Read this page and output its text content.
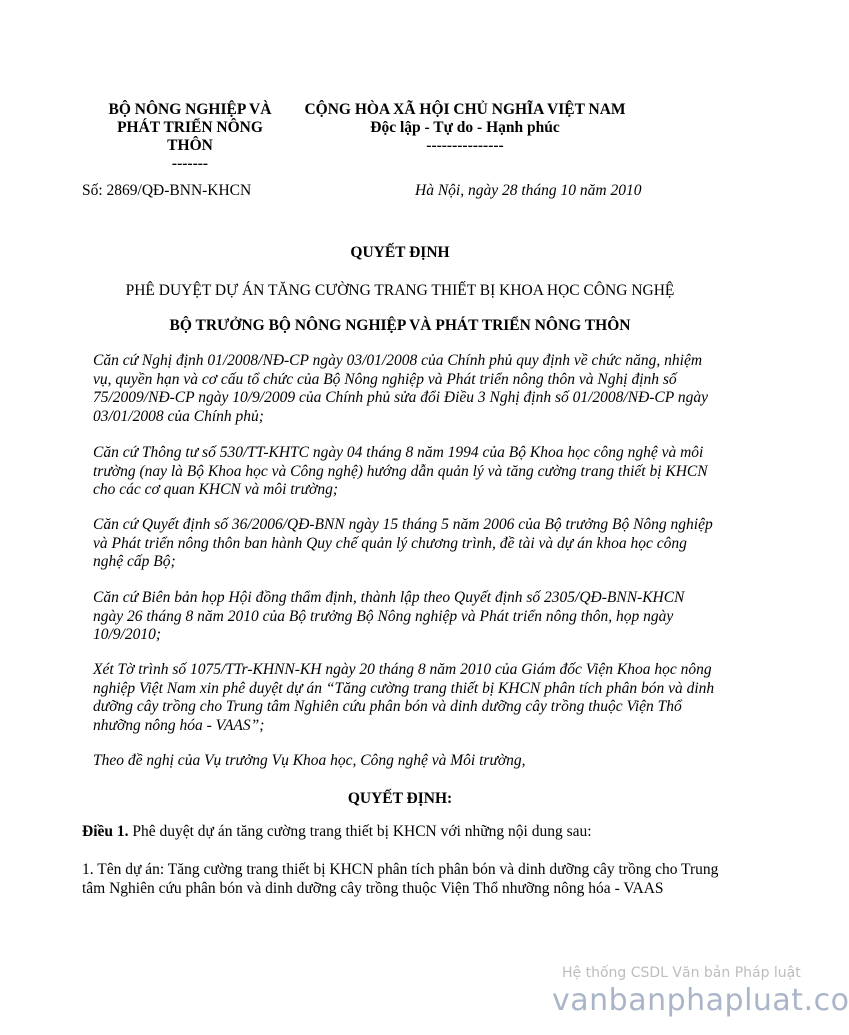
BỘ NÔNG NGHIỆP VÀ
PHÁT TRIỂN NÔNG
THÔN
-------
CỘNG HÒA XÃ HỘI CHỦ NGHĨA VIỆT NAM
Độc lập - Tự do - Hạnh phúc
---------------
Số: 2869/QĐ-BNN-KHCN	Hà Nội, ngày 28 tháng 10 năm 2010
QUYẾT ĐỊNH
PHÊ DUYỆT DỰ ÁN TĂNG CƯỜNG TRANG THIẾT BỊ KHOA HỌC CÔNG NGHỆ
BỘ TRƯỞNG BỘ NÔNG NGHIỆP VÀ PHÁT TRIỂN NÔNG THÔN
Căn cứ Nghị định 01/2008/NĐ-CP ngày 03/01/2008 của Chính phủ quy định về chức năng, nhiệm vụ, quyền hạn và cơ cấu tổ chức của Bộ Nông nghiệp và Phát triển nông thôn và Nghị định số 75/2009/NĐ-CP ngày 10/9/2009 của Chính phủ sửa đổi Điều 3 Nghị định số 01/2008/NĐ-CP ngày 03/01/2008 của Chính phủ;
Căn cứ Thông tư số 530/TT-KHTC ngày 04 tháng 8 năm 1994 của Bộ Khoa học công nghệ và môi trường (nay là Bộ Khoa học và Công nghệ) hướng dẫn quản lý và tăng cường trang thiết bị KHCN cho các cơ quan KHCN và môi trường;
Căn cứ Quyết định số 36/2006/QĐ-BNN ngày 15 tháng 5 năm 2006 của Bộ trưởng Bộ Nông nghiệp và Phát triển nông thôn ban hành Quy chế quản lý chương trình, đề tài và dự án khoa học công nghệ cấp Bộ;
Căn cứ Biên bản họp Hội đồng thẩm định, thành lập theo Quyết định số 2305/QĐ-BNN-KHCN ngày 26 tháng 8 năm 2010 của Bộ trưởng Bộ Nông nghiệp và Phát triển nông thôn, họp ngày 10/9/2010;
Xét Tờ trình số 1075/TTr-KHNN-KH ngày 20 tháng 8 năm 2010 của Giám đốc Viện Khoa học nông nghiệp Việt Nam xin phê duyệt dự án “Tăng cường trang thiết bị KHCN phân tích phân bón và dinh dưỡng cây trồng cho Trung tâm Nghiên cứu phân bón và dinh dưỡng cây trồng thuộc Viện Thổ nhưỡng nông hóa - VAAS”;
Theo đề nghị của Vụ trưởng Vụ Khoa học, Công nghệ và Môi trường,
QUYẾT ĐỊNH:
Điều 1. Phê duyệt dự án tăng cường trang thiết bị KHCN với những nội dung sau:
1. Tên dự án: Tăng cường trang thiết bị KHCN phân tích phân bón và dinh dưỡng cây trồng cho Trung tâm Nghiên cứu phân bón và dinh dưỡng cây trồng thuộc Viện Thổ nhưỡng nông hóa - VAAS
Hệ thống CSDL Văn bản Pháp luật
vanbanphapluat.co
